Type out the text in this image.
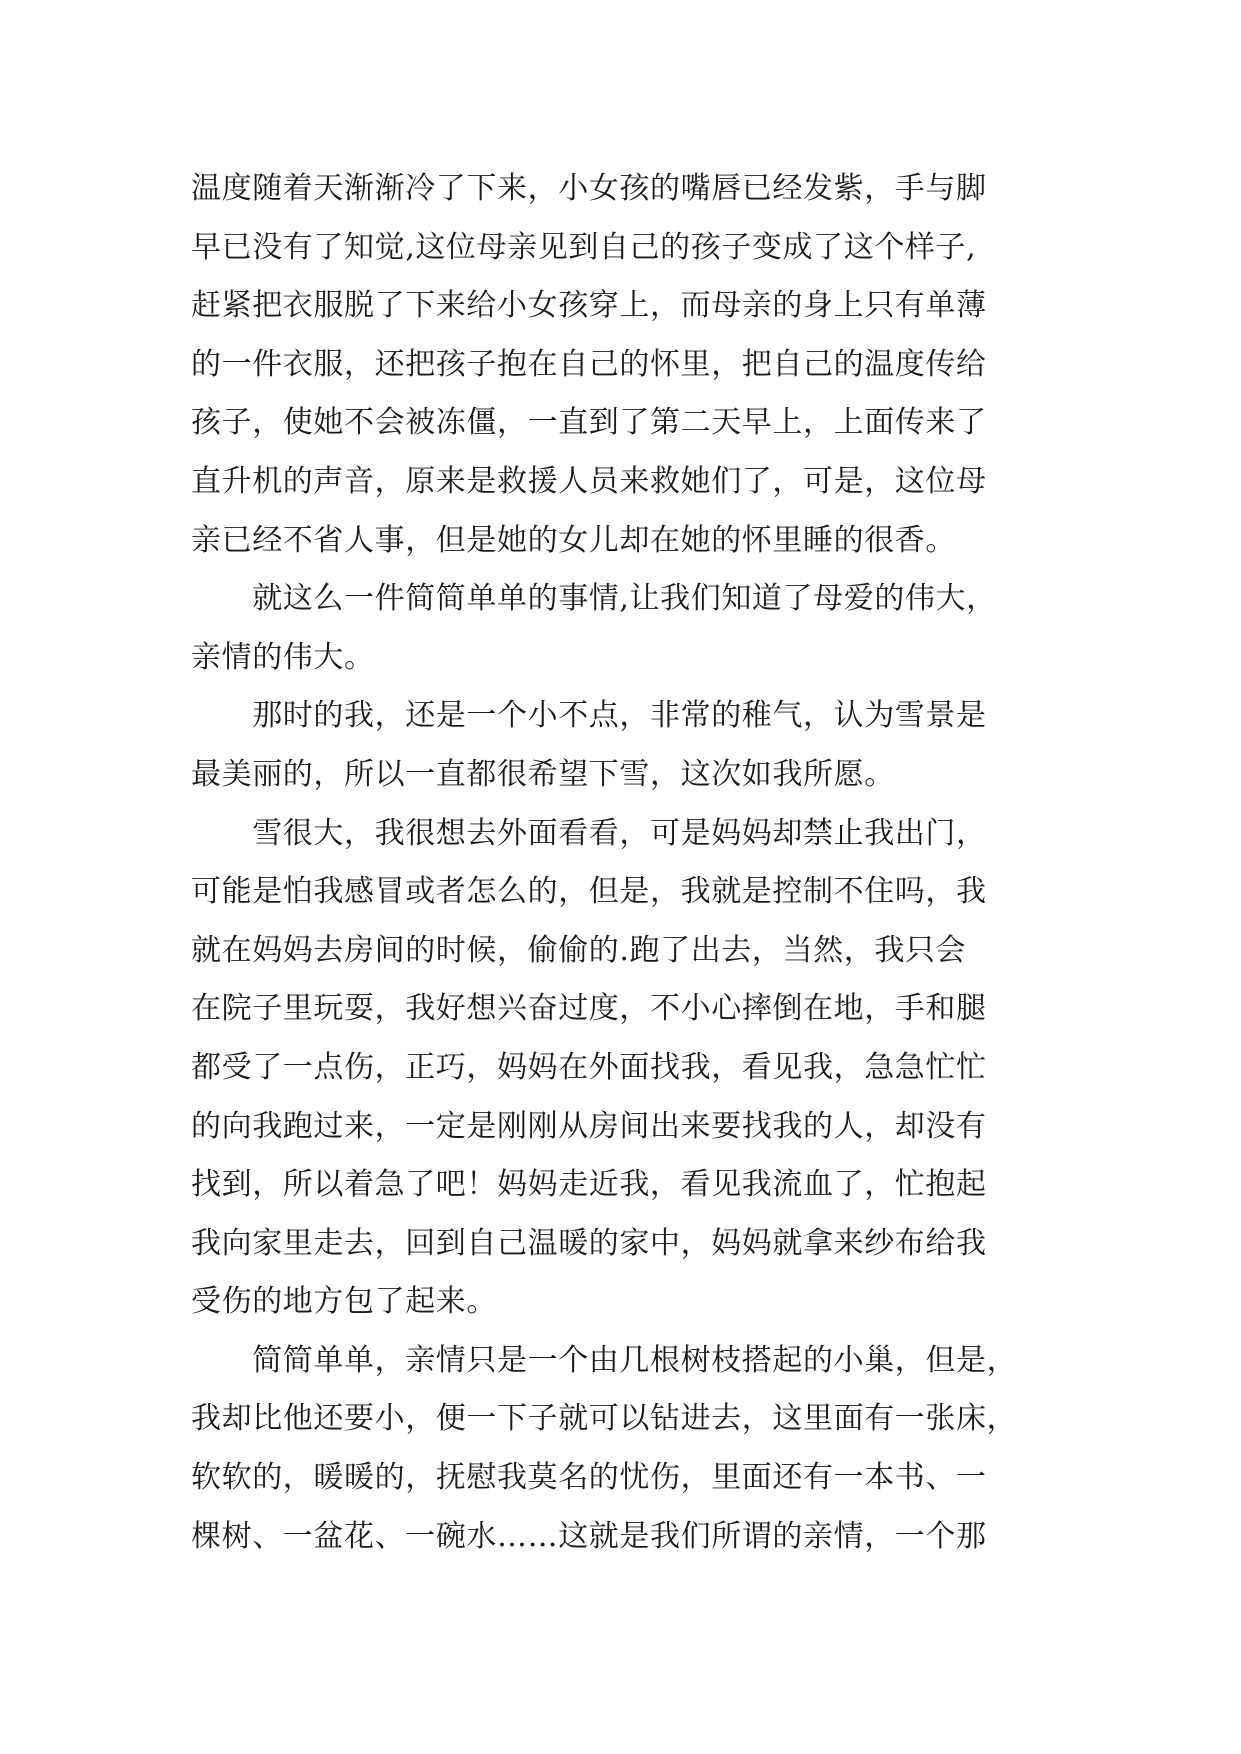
温度随着天渐渐冷了下来，小女孩的嘴唇已经发紫，手与脚
早已没有了知觉,这位母亲见到自己的孩子变成了这个样子,
赶紧把衣服脱了下来给小女孩穿上，而母亲的身上只有单薄
的一件衣服，还把孩子抱在自己的怀里，把自己的温度传给
孩子，使她不会被冻僵，一直到了第二天早上，上面传来了
直升机的声音，原来是救援人员来救她们了，可是，这位母
亲已经不省人事，但是她的女儿却在她的怀里睡的很香。
　　就这么一件简简单单的事情,让我们知道了母爱的伟大，
亲情的伟大。
　　那时的我，还是一个小不点，非常的稚气，认为雪景是
最美丽的，所以一直都很希望下雪，这次如我所愿。
　　雪很大，我很想去外面看看，可是妈妈却禁止我出门，
可能是怕我感冒或者怎么的，但是，我就是控制不住吗，我
就在妈妈去房间的时候，偷偷的.跑了出去，当然，我只会
在院子里玩耍，我好想兴奋过度，不小心摔倒在地，手和腿
都受了一点伤，正巧，妈妈在外面找我，看见我，急急忙忙
的向我跑过来，一定是刚刚从房间出来要找我的人，却没有
找到，所以着急了吧！妈妈走近我，看见我流血了，忙抱起
我向家里走去，回到自己温暖的家中，妈妈就拿来纱布给我
受伤的地方包了起来。
　　简简单单，亲情只是一个由几根树枝搭起的小巢，但是，
我却比他还要小，便一下子就可以钻进去，这里面有一张床，
软软的，暖暖的，抚慰我莫名的忧伤，里面还有一本书、一
棵树、一盆花、一碗水……这就是我们所谓的亲情，一个那
